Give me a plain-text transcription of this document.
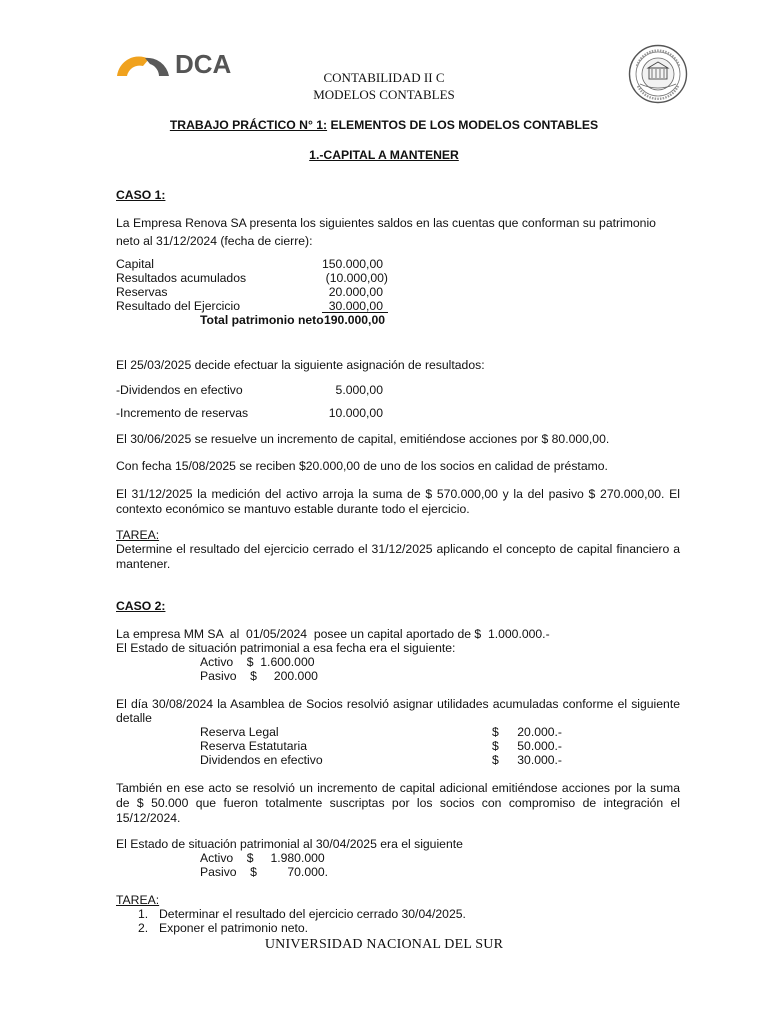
DCA	CONTABILIDAD II C
MODELOS CONTABLES
TRABAJO PRÁCTICO N° 1: ELEMENTOS DE LOS MODELOS CONTABLES
1.-CAPITAL A MANTENER
CASO 1:
La Empresa Renova SA presenta los siguientes saldos en las cuentas que conforman su patrimonio
neto al 31/12/2024 (fecha de cierre):
Capital	150.000,00
Resultados acumulados	(10.000,00)
Reservas	20.000,00
Resultado del Ejercicio	30.000,00
Total patrimonio neto 190.000,00
El 25/03/2025 decide efectuar la siguiente asignación de resultados:
-Dividendos en efectivo	5.000,00
-Incremento de reservas	10.000,00
El 30/06/2025 se resuelve un incremento de capital, emitiéndose acciones por $ 80.000,00.
Con fecha 15/08/2025 se reciben $20.000,00 de uno de los socios en calidad de préstamo.
El 31/12/2025 la medición del activo arroja la suma de $ 570.000,00 y la del pasivo $ 270.000,00. El contexto económico se mantuvo estable durante todo el ejercicio.
TAREA:
Determine el resultado del ejercicio cerrado el 31/12/2025 aplicando el concepto de capital financiero a mantener.
CASO 2:
La empresa MM SA  al  01/05/2024  posee un capital aportado de $  1.000.000.-
El Estado de situación patrimonial a esa fecha era el siguiente:
Activo    $  1.600.000
Pasivo    $     200.000
El día 30/08/2024 la Asamblea de Socios resolvió asignar utilidades acumuladas conforme el siguiente detalle
Reserva Legal	$	20.000.-
Reserva Estatutaria	$	50.000.-
Dividendos en efectivo	$	30.000.-
También en ese acto se resolvió un incremento de capital adicional emitiéndose acciones por la suma de $ 50.000 que fueron totalmente suscriptas por los socios con compromiso de integración el 15/12/2024.
El Estado de situación patrimonial al 30/04/2025 era el siguiente
Activo    $     1.980.000
Pasivo    $         70.000.
TAREA:
1. Determinar el resultado del ejercicio cerrado 30/04/2025.
2. Exponer el patrimonio neto.
UNIVERSIDAD NACIONAL DEL SUR
